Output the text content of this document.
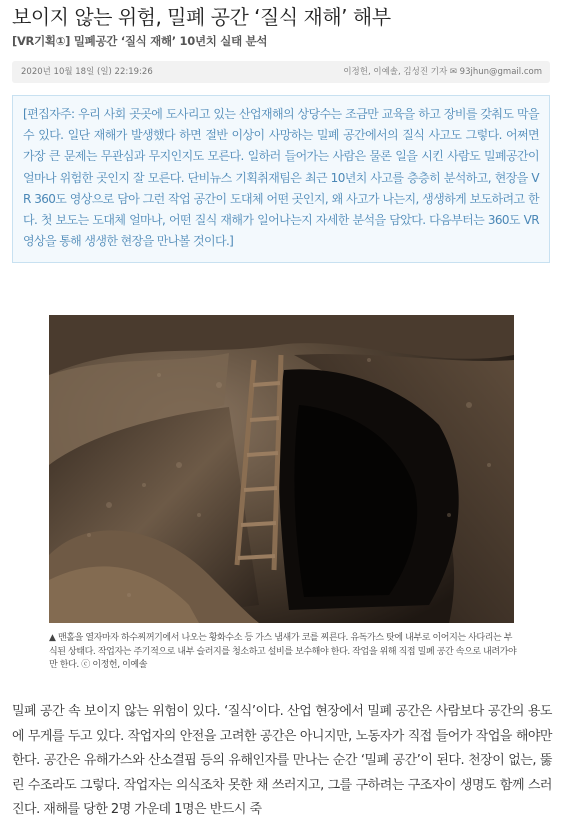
보이지 않는 위험, 밀폐 공간 ‘질식 재해’ 해부
[VR기획①] 밀폐공간 ‘질식 재해’ 10년치 실태 분석
2020년 10월 18일 (일) 22:19:26	이정헌, 이예솔, 김성진 기자 ✉ 93jhun@gmail.com
[편집자주: 우리 사회 곳곳에 도사리고 있는 산업재해의 상당수는 조금만 교육을 하고 장비를 갖춰도 막을 수 있다. 일단 재해가 발생했다 하면 절반 이상이 사망하는 밀폐 공간에서의 질식 사고도 그렇다. 어쩌면 가장 큰 문제는 무관심과 무지인지도 모른다. 일하러 들어가는 사람은 물론 일을 시킨 사람도 밀폐공간이 얼마나 위험한 곳인지 잘 모른다. 단비뉴스 기획취재팀은 최근 10년치 사고를 층층히 분석하고, 현장을 VR 360도 영상으로 담아 그런 작업 공간이 도대체 어떤 곳인지, 왜 사고가 나는지, 생생하게 보도하려고 한다. 첫 보도는 도대체 얼마나, 어떤 질식 재해가 일어나는지 자세한 분석을 담았다. 다음부터는 360도 VR 영상을 통해 생생한 현장을 만나볼 것이다.]
▲ 맨홀을 열자마자 하수찌꺼기에서 나오는 황화수소 등 가스 냄새가 코를 찌른다. 유독가스 탓에 내부로 이어지는 사다리는 부식된 상태다. 작업자는 주기적으로 내부 슬러지를 청소하고 설비를 보수해야 한다. 작업을 위해 직접 밀폐 공간 속으로 내려가야만 한다. ⓒ 이정헌, 이예솔
밀폐 공간 속 보이지 않는 위험이 있다. ‘질식’이다. 산업 현장에서 밀폐 공간은 사람보다 공간의 용도에 무게를 두고 있다. 작업자의 안전을 고려한 공간은 아니지만, 노동자가 직접 들어가 작업을 해야만 한다. 공간은 유해가스와 산소결핍 등의 유해인자를 만나는 순간 ‘밀폐 공간’이 된다. 천장이 없는, 뚫린 수조라도 그렇다. 작업자는 의식조차 못한 채 쓰러지고, 그를 구하려는 구조자이 생명도 함께 스러진다. 재해를 당한 2명 가운데 1명은 반드시 죽
